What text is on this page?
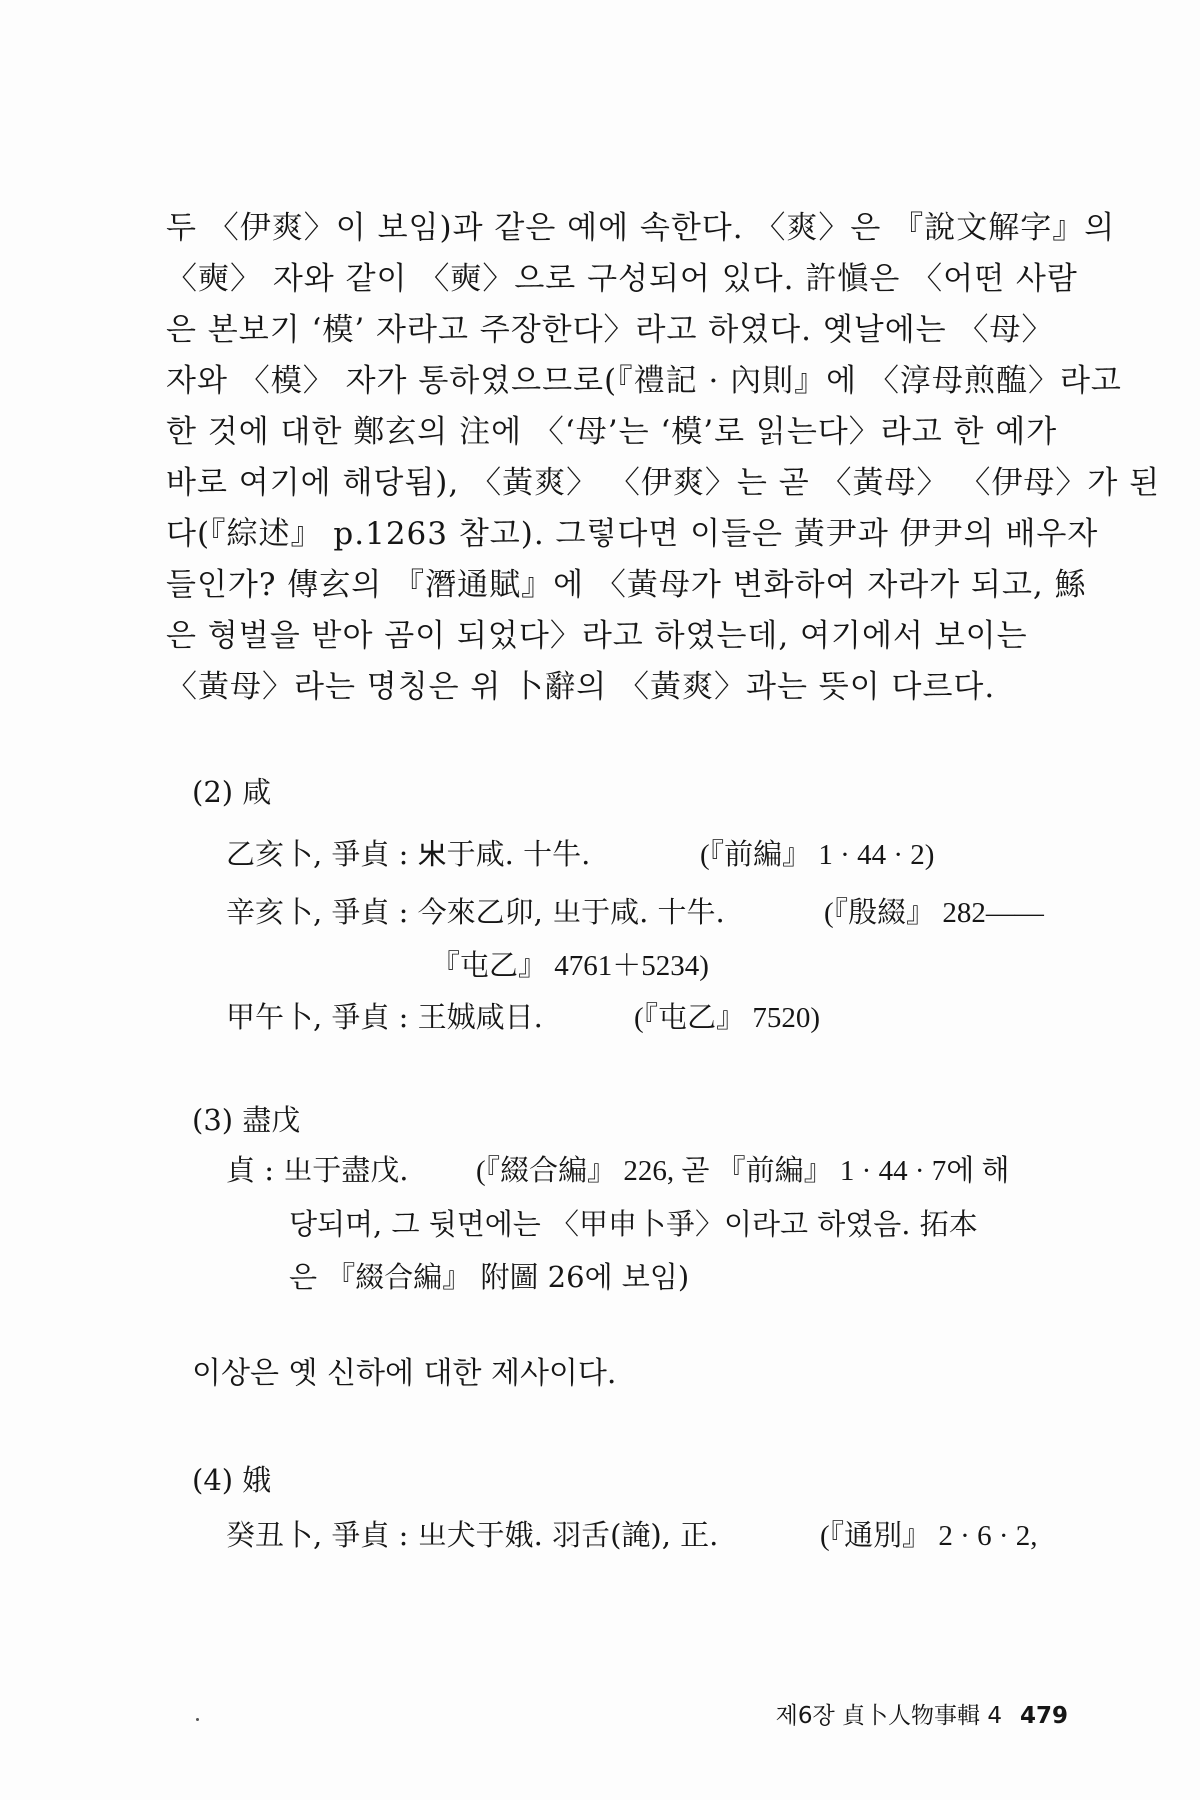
두 〈伊爽〉이 보임)과 같은 예에 속한다. 〈爽〉은 『說文解字』의
〈奭〉 자와 같이 〈奭〉으로 구성되어 있다. 許愼은 〈어떤 사람
은 본보기 ‘模’ 자라고 주장한다〉라고 하였다. 옛날에는 〈母〉
자와 〈模〉 자가 통하였으므로(『禮記 · 內則』에 〈淳母煎醢〉라고
한 것에 대한 鄭玄의 注에 〈‘母’는 ‘模’로 읽는다〉라고 한 예가
바로 여기에 해당됨), 〈黃爽〉 〈伊爽〉는 곧 〈黃母〉 〈伊母〉가 된
다(『綜述』 p.1263 참고). 그렇다면 이들은 黃尹과 伊尹의 배우자
들인가? 傳玄의 『潛通賦』에 〈黃母가 변화하여 자라가 되고, 鯀
은 형벌을 받아 곰이 되었다〉라고 하였는데, 여기에서 보이는
〈黃母〉라는 명칭은 위 卜辭의 〈黃爽〉과는 뜻이 다르다.
(2) 咸
乙亥卜, 爭貞 : 𣎵于咸. 十牛.	(『前編』 1 · 44 · 2)
辛亥卜, 爭貞 : 今來乙卯, 㞢于咸. 十牛.	(『殷綴』 282——
『屯乙』 4761＋5234)
甲午卜, 爭貞 : 王娍咸日.	(『屯乙』 7520)
(3) 盡戊
貞 : 㞢于盡戊. (『綴合編』 226, 곧 『前編』 1 · 44 · 7에 해
당되며, 그 뒷면에는 〈甲申卜爭〉이라고 하였음. 拓本
은 『綴合編』 附圖 26에 보임)
이상은 옛 신하에 대한 제사이다.
(4) 娥
癸丑卜, 爭貞 : 㞢犬于娥. 羽舌(䛳), 正.	(『通別』 2 · 6 · 2,
제6장 貞卜人物事輯 4 479
